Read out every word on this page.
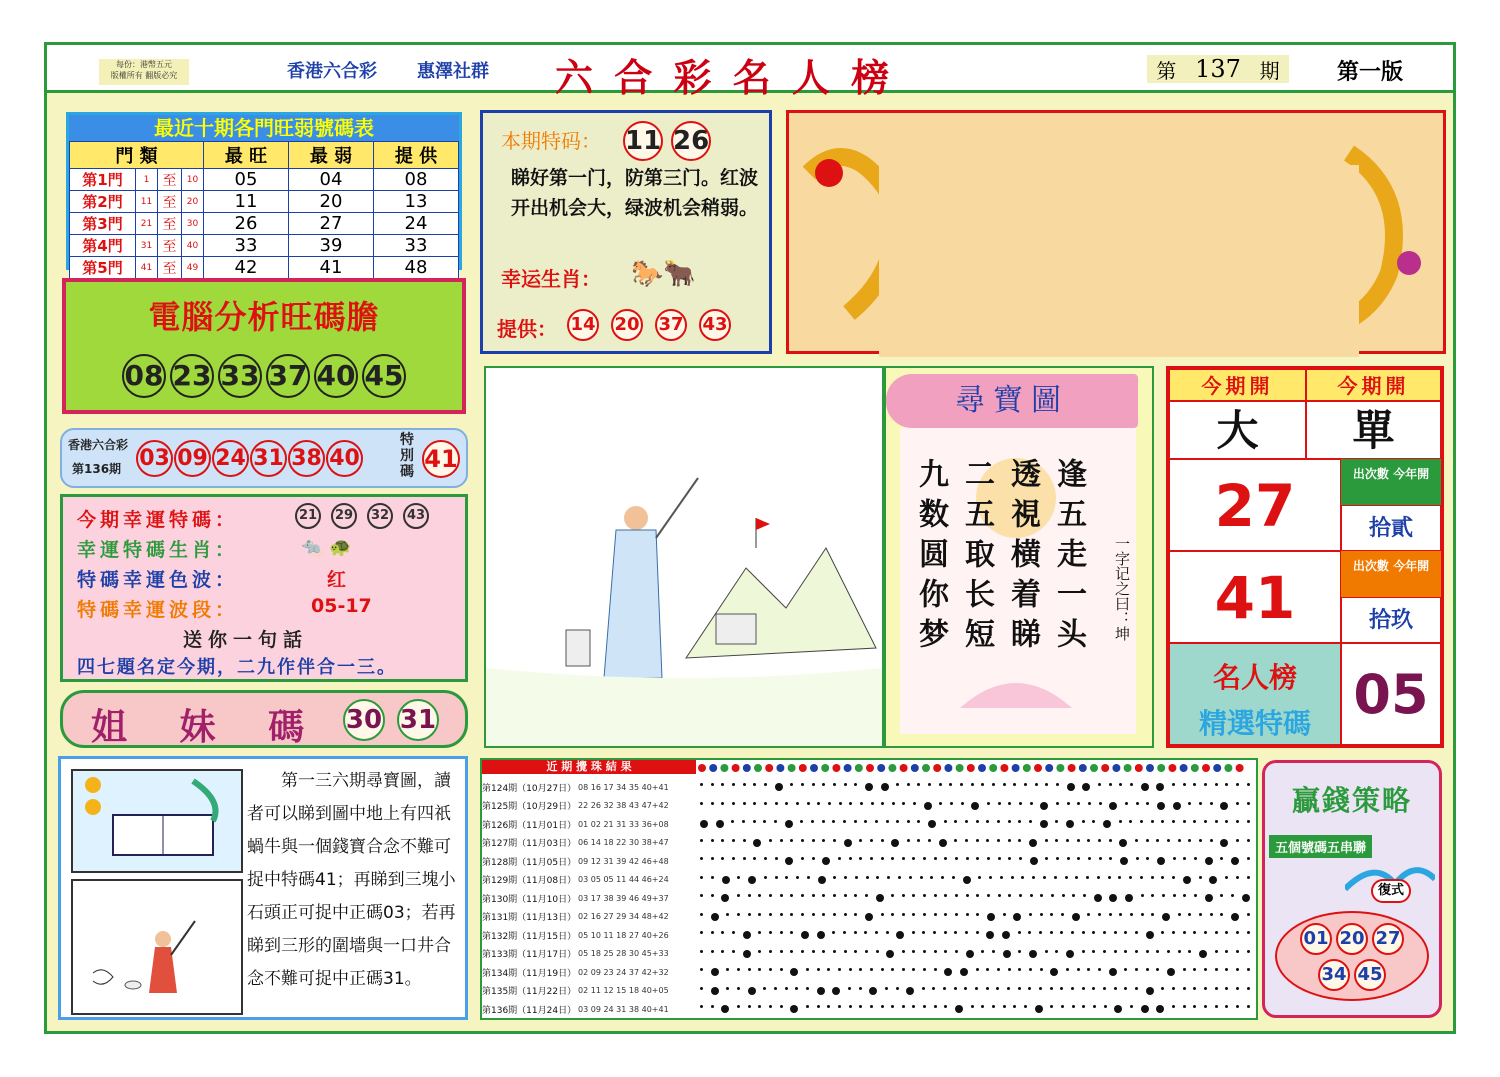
每份：港幣五元
版權所有 翻版必究	香港六合彩 惠澤社群 六 合 彩 名 人 榜	第 137 期	第一版
最近十期各門旺弱號碼表
門 類				最 旺	最 弱	提 供
第1門	1	至	10	05	04	08
第2門	11	至	20	11	20	13
第3門	21	至	30	26	27	24
第4門	31	至	40	33	39	33
第5門	41	至	49	42	41	48
電腦分析旺碼膽
08 23 33 37 40 45
香港六合彩
第136期 03 09 24 31 38 40
特別碼 41
今期幸運特碼：	21	29	32	43
幸運特碼生肖：	🐀 🐢
特碼幸運色波：	红
特碼幸運波段：	05-17
送你一句話
四七題名定今期，二九作伴合一三。
姐 妹 碼 30 31
第一三六期尋寶圖，讀者可以睇到圖中地上有四祇蝸牛與一個錢寶合念不難可捉中特碼41；再睇到三塊小石頭正可捉中正碼03；若再睇到三形的圍墻與一口井合念不難可捉中正碼31。
本期特码： 11 26
睇好第一门，防第三门。红波开出机会大，绿波机会稍弱。
幸运生肖： 🐎🐂
提供： 14 20 37 43
尋寶圖
逢五走一头
透視横着睇
二五取长短
九数圆你梦	一字记之曰：坤
今期開	今期開
大	單
27	出次數 今年開
拾貳
41	出次數 今年開
拾玖
名人榜
精選特碼 05
近 期 攪 珠 結 果
第124期（10月27日） 08 16 17 34 35 40+41
第125期（10月29日） 22 26 32 38 43 47+42
第126期（11月01日） 01 02 21 31 33 36+08
第127期（11月03日） 06 14 18 22 30 38+47
第128期（11月05日） 09 12 31 39 42 46+48
第129期（11月08日） 03 05 05 11 44 46+24
第130期（11月10日） 03 17 38 39 46 49+37
第131期（11月13日） 02 16 27 29 34 48+42
第132期（11月15日） 05 10 11 18 27 40+26
第133期（11月17日） 05 18 25 28 30 45+33
第134期（11月19日） 02 09 23 24 37 42+32
第135期（11月22日） 02 11 12 15 18 40+05
第136期（11月24日） 03 09 24 31 38 40+41
贏錢策略
五個號碼五串聯
復式
01 20 27
34 45
